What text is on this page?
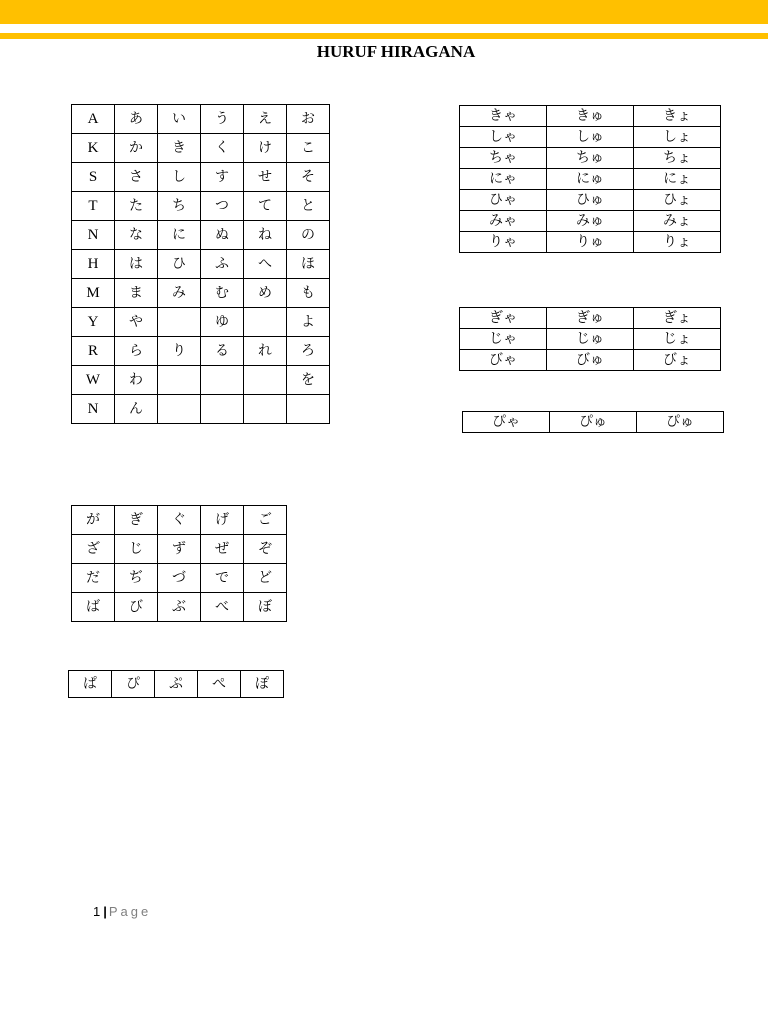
HURUF HIRAGANA
A	あ	い	う	え	お
K	か	き	く	け	こ
S	さ	し	す	せ	そ
T	た	ち	つ	て	と
N	な	に	ぬ	ね	の
H	は	ひ	ふ	へ	ほ
M	ま	み	む	め	も
Y	や		ゆ		よ
R	ら	り	る	れ	ろ
W	わ				を
N	ん				
きゃ	きゅ	きょ
しゃ	しゅ	しょ
ちゃ	ちゅ	ちょ
にゃ	にゅ	にょ
ひゃ	ひゅ	ひょ
みゃ	みゅ	みょ
りゃ	りゅ	りょ
ぎゃ	ぎゅ	ぎょ
じゃ	じゅ	じょ
びゃ	びゅ	びょ
ぴゃ	ぴゅ	ぴゅ
が	ぎ	ぐ	げ	ご
ざ	じ	ず	ぜ	ぞ
だ	ぢ	づ	で	ど
ば	び	ぶ	べ	ぼ
ぱ	ぴ	ぷ	ぺ	ぽ
1 | Page
